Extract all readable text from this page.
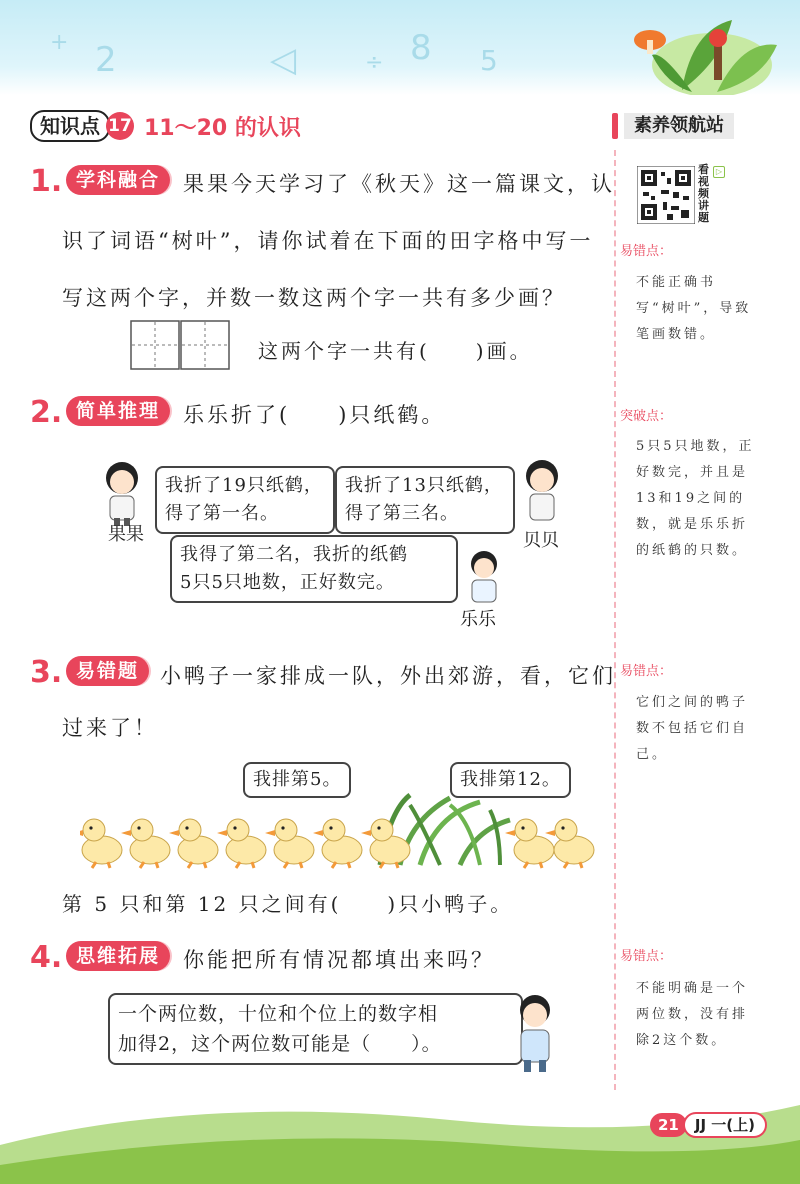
2	◁	8 5
+
÷
知识点 17 11～20 的认识	素养领航站
看视频讲题
▷
易错点：
不能正确书写“树叶”，导致笔画数错。
突破点：
5只5只地数，正好数完，并且是13和19之间的数，就是乐乐折的纸鹤的只数。
易错点：
它们之间的鸭子数不包括它们自己。
易错点：
不能明确是一个两位数，没有排除2这个数。
1. 学科融合	果果今天学习了《秋天》这一篇课文，认
识了词语“树叶”，请你试着在下面的田字格中写一
写这两个字，并数一数这两个字一共有多少画？
这两个字一共有(　　)画。
2. 简单推理	乐乐折了(　　)只纸鹤。
果果
我折了19只纸鹤，
得了第一名。
我折了13只纸鹤，
得了第三名。
贝贝
我得了第二名，我折的纸鹤
5只5只地数，正好数完。
乐乐
3. 易错题 小鸭子一家排成一队，外出郊游，看，它们
过来了！
我排第5。	我排第12。
第 5 只和第 12 只之间有(　　)只小鸭子。
4. 思维拓展	你能把所有情况都填出来吗？
一个两位数，十位和个位上的数字相
加得2，这个两位数可能是（　　）。
21	JJ 一(上)
